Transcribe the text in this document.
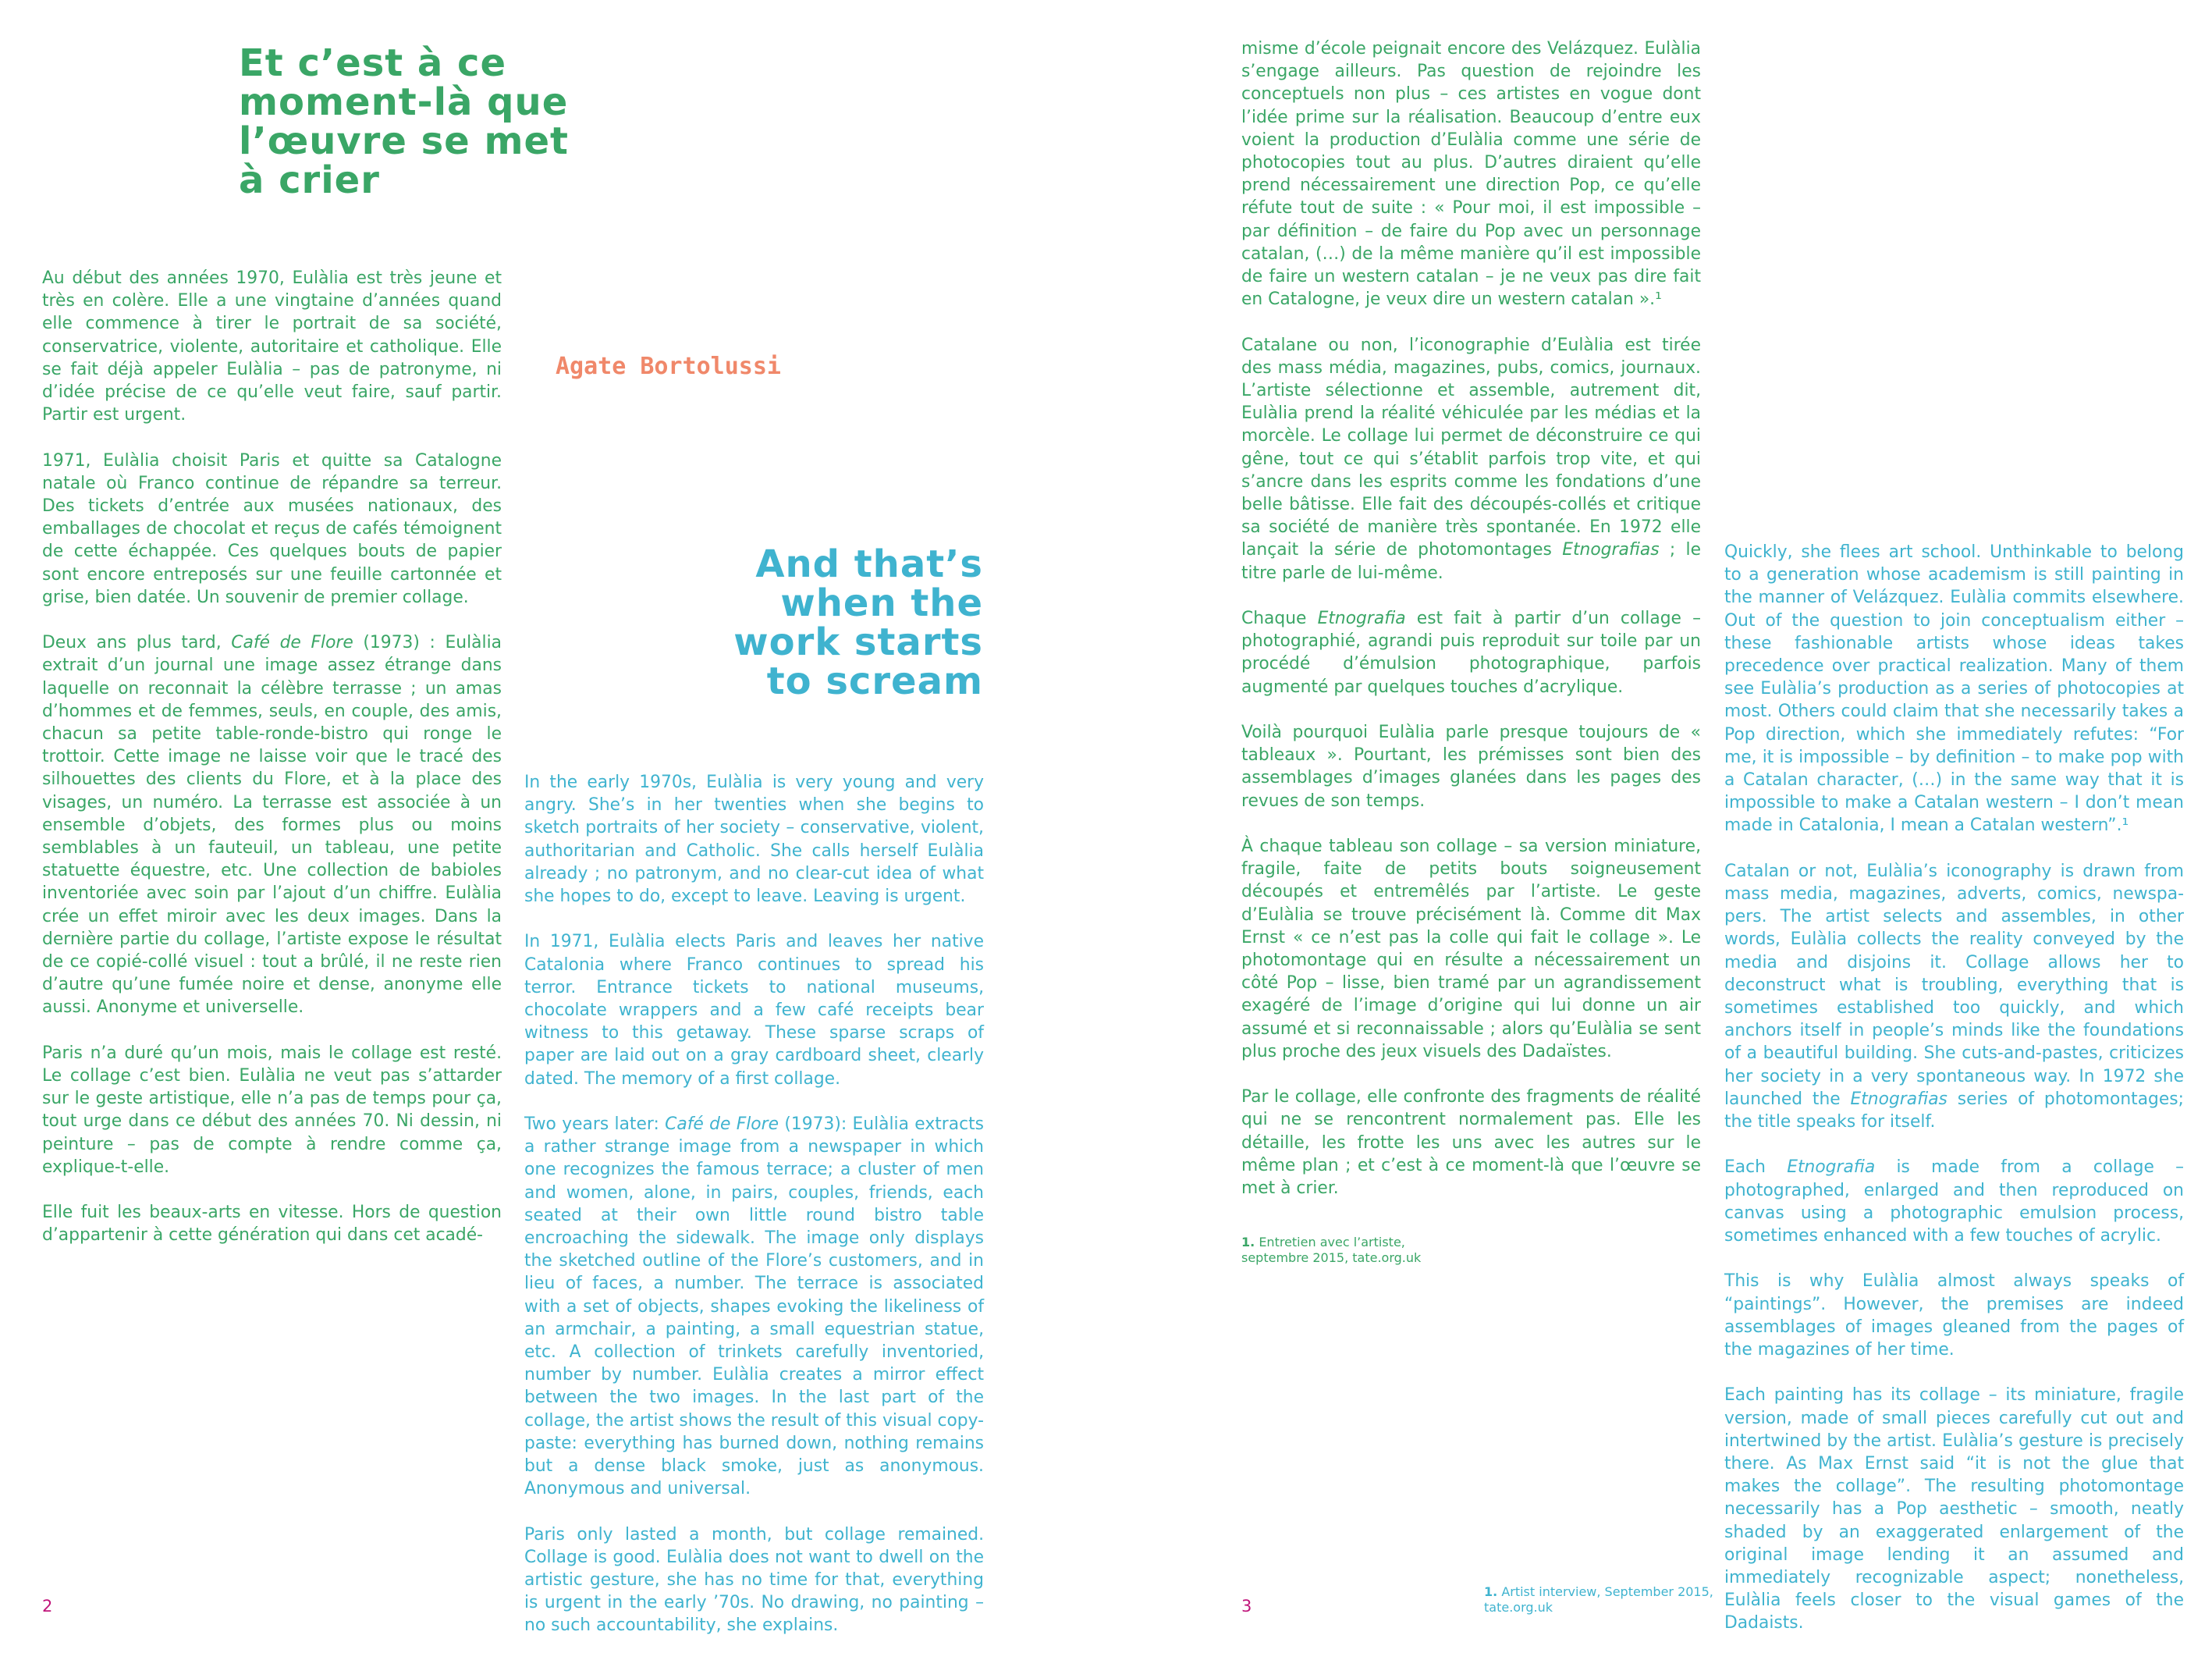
Et c’est à ce
moment-là que
l’œuvre se met
à crier
Agate Bortolussi
And that’s
when the
work starts
to scream

Au début des années 1970, Eulàlia est très jeune et très en colère. Elle a une vingtaine d’années quand elle commence à tirer le portrait de sa société, conservatrice, violente, autoritaire et catholique. Elle se fait déjà appeler Eulàlia – pas de patronyme, ni d’idée précise de ce qu’elle veut faire, sauf partir. Partir est urgent.

1971, Eulàlia choisit Paris et quitte sa Catalogne natale où Franco continue de répandre sa terreur. Des tickets d’entrée aux musées nationaux, des emballages de chocolat et reçus de cafés témoignent de cette échappée. Ces quelques bouts de papier sont encore entreposés sur une feuille cartonnée et grise, bien datée. Un souvenir de premier collage.

Deux ans plus tard, Café de Flore (1973) : Eulàlia extrait d’un journal une image assez étrange dans laquelle on reconnait la célèbre terrasse ; un amas d’hommes et de femmes, seuls, en couple, des amis, chacun sa petite table-ronde-bistro qui ronge le trottoir. Cette image ne laisse voir que le tracé des silhouettes des clients du Flore, et à la place des visages, un numéro. La terrasse est associée à un ensemble d’objets, des formes plus ou moins semblables à un fauteuil, un tableau, une petite statuette équestre, etc. Une collection de babioles inventoriée avec soin par l’ajout d’un chiffre. Eulàlia crée un effet miroir avec les deux images. Dans la dernière partie du collage, l’artiste expose le résultat de ce copié-collé visuel : tout a brûlé, il ne reste rien d’autre qu’une fumée noire et dense, anonyme elle aussi. Anonyme et universelle.

Paris n’a duré qu’un mois, mais le collage est resté. Le collage c’est bien. Eulàlia ne veut pas s’attarder sur le geste artistique, elle n’a pas de temps pour ça, tout urge dans ce début des années 70. Ni dessin, ni peinture – pas de compte à rendre comme ça, explique-t-elle.

Elle fuit les beaux-arts en vitesse. Hors de question d’appartenir à cette génération qui dans cet acadé-

In the early 1970s, Eulàlia is very young and very angry. She’s in her twenties when she begins to sketch portraits of her society – conservative, violent, authoritarian and Catholic. She calls herself Eulàlia already ; no patronym, and no clear-cut idea of what she hopes to do, except to leave. Leaving is urgent.

In 1971, Eulàlia elects Paris and leaves her native Catalonia where Franco continues to spread his terror. Entrance tickets to national museums, chocolate wrappers and a few café receipts bear witness to this getaway. These sparse scraps of paper are laid out on a gray cardboard sheet, clearly dated. The memory of a first collage.

Two years later: Café de Flore (1973): Eulàlia extracts a rather strange image from a newspaper in which one recognizes the famous terrace; a cluster of men and women, alone, in pairs, couples, friends, each seated at their own little round bistro table encroaching the sidewalk. The image only displays the sketched outline of the Flore’s customers, and in lieu of faces, a number. The terrace is associated with a set of objects, shapes evoking the likeliness of an armchair, a painting, a small equestrian statue, etc. A collection of trinkets carefully inventoried, number by number. Eulàlia creates a mirror effect between the two images. In the last part of the collage, the artist shows the result of this visual copy-paste: everything has burned down, nothing remains but a dense black smoke, just as anonymous. Anonymous and universal.

Paris only lasted a month, but collage remained. Collage is good. Eulàlia does not want to dwell on the artistic gesture, she has no time for that, everything is urgent in the early ’70s. No drawing, no painting – no such accountability, she explains.

2

misme d’école peignait encore des Velázquez. Eulàlia s’engage ailleurs. Pas question de rejoindre les conceptuels non plus – ces artistes en vogue dont l’idée prime sur la réalisation. Beaucoup d’entre eux voient la production d’Eulàlia comme une série de photocopies tout au plus. D’autres diraient qu’elle prend nécessairement une direction Pop, ce qu’elle réfute tout de suite : « Pour moi, il est impossible – par définition – de faire du Pop avec un personnage catalan, (…) de la même manière qu’il est impossible de faire un western catalan – je ne veux pas dire fait en Catalogne, je veux dire un western catalan ».¹

Catalane ou non, l’iconographie d’Eulàlia est tirée des mass média, magazines, pubs, comics, journaux. L’artiste sélectionne et assemble, autrement dit, Eulàlia prend la réalité véhiculée par les médias et la morcèle. Le collage lui permet de déconstruire ce qui gêne, tout ce qui s’établit parfois trop vite, et qui s’ancre dans les esprits comme les fondations d’une belle bâtisse. Elle fait des découpés-collés et critique sa société de manière très spontanée. En 1972 elle lançait la série de photomontages Etnografias ; le titre parle de lui-même.

Chaque Etnografia est fait à partir d’un collage – photographié, agrandi puis reproduit sur toile par un procédé d’émulsion photographique, parfois augmenté par quelques touches d’acrylique.

Voilà pourquoi Eulàlia parle presque toujours de « tableaux ». Pourtant, les prémisses sont bien des assemblages d’images glanées dans les pages des revues de son temps.

À chaque tableau son collage – sa version miniature, fragile, faite de petits bouts soigneusement découpés et entremêlés par l’artiste. Le geste d’Eulàlia se trouve précisément là. Comme dit Max Ernst « ce n’est pas la colle qui fait le collage ». Le photomontage qui en résulte a nécessairement un côté Pop – lisse, bien tramé par un agrandissement exagéré de l’image d’origine qui lui donne un air assumé et si reconnaissable ; alors qu’Eulàlia se sent plus proche des jeux visuels des Dadaïstes.

Par le collage, elle confronte des fragments de réalité qui ne se rencontrent normalement pas. Elle les détaille, les frotte les uns avec les autres sur le même plan ; et c’est à ce moment-là que l’œuvre se met à crier.

1. Entretien avec l’artiste, septembre 2015, tate.org.uk

Quickly, she flees art school. Unthinkable to belong to a generation whose academism is still painting in the manner of Velázquez. Eulàlia commits elsewhere. Out of the question to join conceptualism either – these fashionable artists whose ideas takes precedence over practical realization. Many of them see Eulàlia’s production as a series of photocopies at most. Others could claim that she necessarily takes a Pop direction, which she immediately refutes: “For me, it is impossible – by definition – to make pop with a Catalan character, (…) in the same way that it is impossible to make a Catalan western – I don’t mean made in Catalonia, I mean a Catalan western”.¹

Catalan or not, Eulàlia’s iconography is drawn from mass media, magazines, adverts, comics, newspapers. The artist selects and assembles, in other words, Eulàlia collects the reality conveyed by the media and disjoins it. Collage allows her to deconstruct what is troubling, everything that is sometimes established too quickly, and which anchors itself in people’s minds like the foundations of a beautiful building. She cuts-and-pastes, criticizes her society in a very spontaneous way. In 1972 she launched the Etnografias series of photomontages; the title speaks for itself.

Each Etnografia is made from a collage – photographed, enlarged and then reproduced on canvas using a photographic emulsion process, sometimes enhanced with a few touches of acrylic.

This is why Eulàlia almost always speaks of “paintings”. However, the premises are indeed assemblages of images gleaned from the pages of the magazines of her time.

Each painting has its collage – its miniature, fragile version, made of small pieces carefully cut out and intertwined by the artist. Eulàlia’s gesture is precisely there. As Max Ernst said “it is not the glue that makes the collage”. The resulting photomontage necessarily has a Pop aesthetic – smooth, neatly shaded by an exaggerated enlargement of the original image lending it an assumed and immediately recognizable aspect; nonetheless, Eulàlia feels closer to the visual games of the Dadaists.

1. Artist interview, September 2015, tate.org.uk
3
